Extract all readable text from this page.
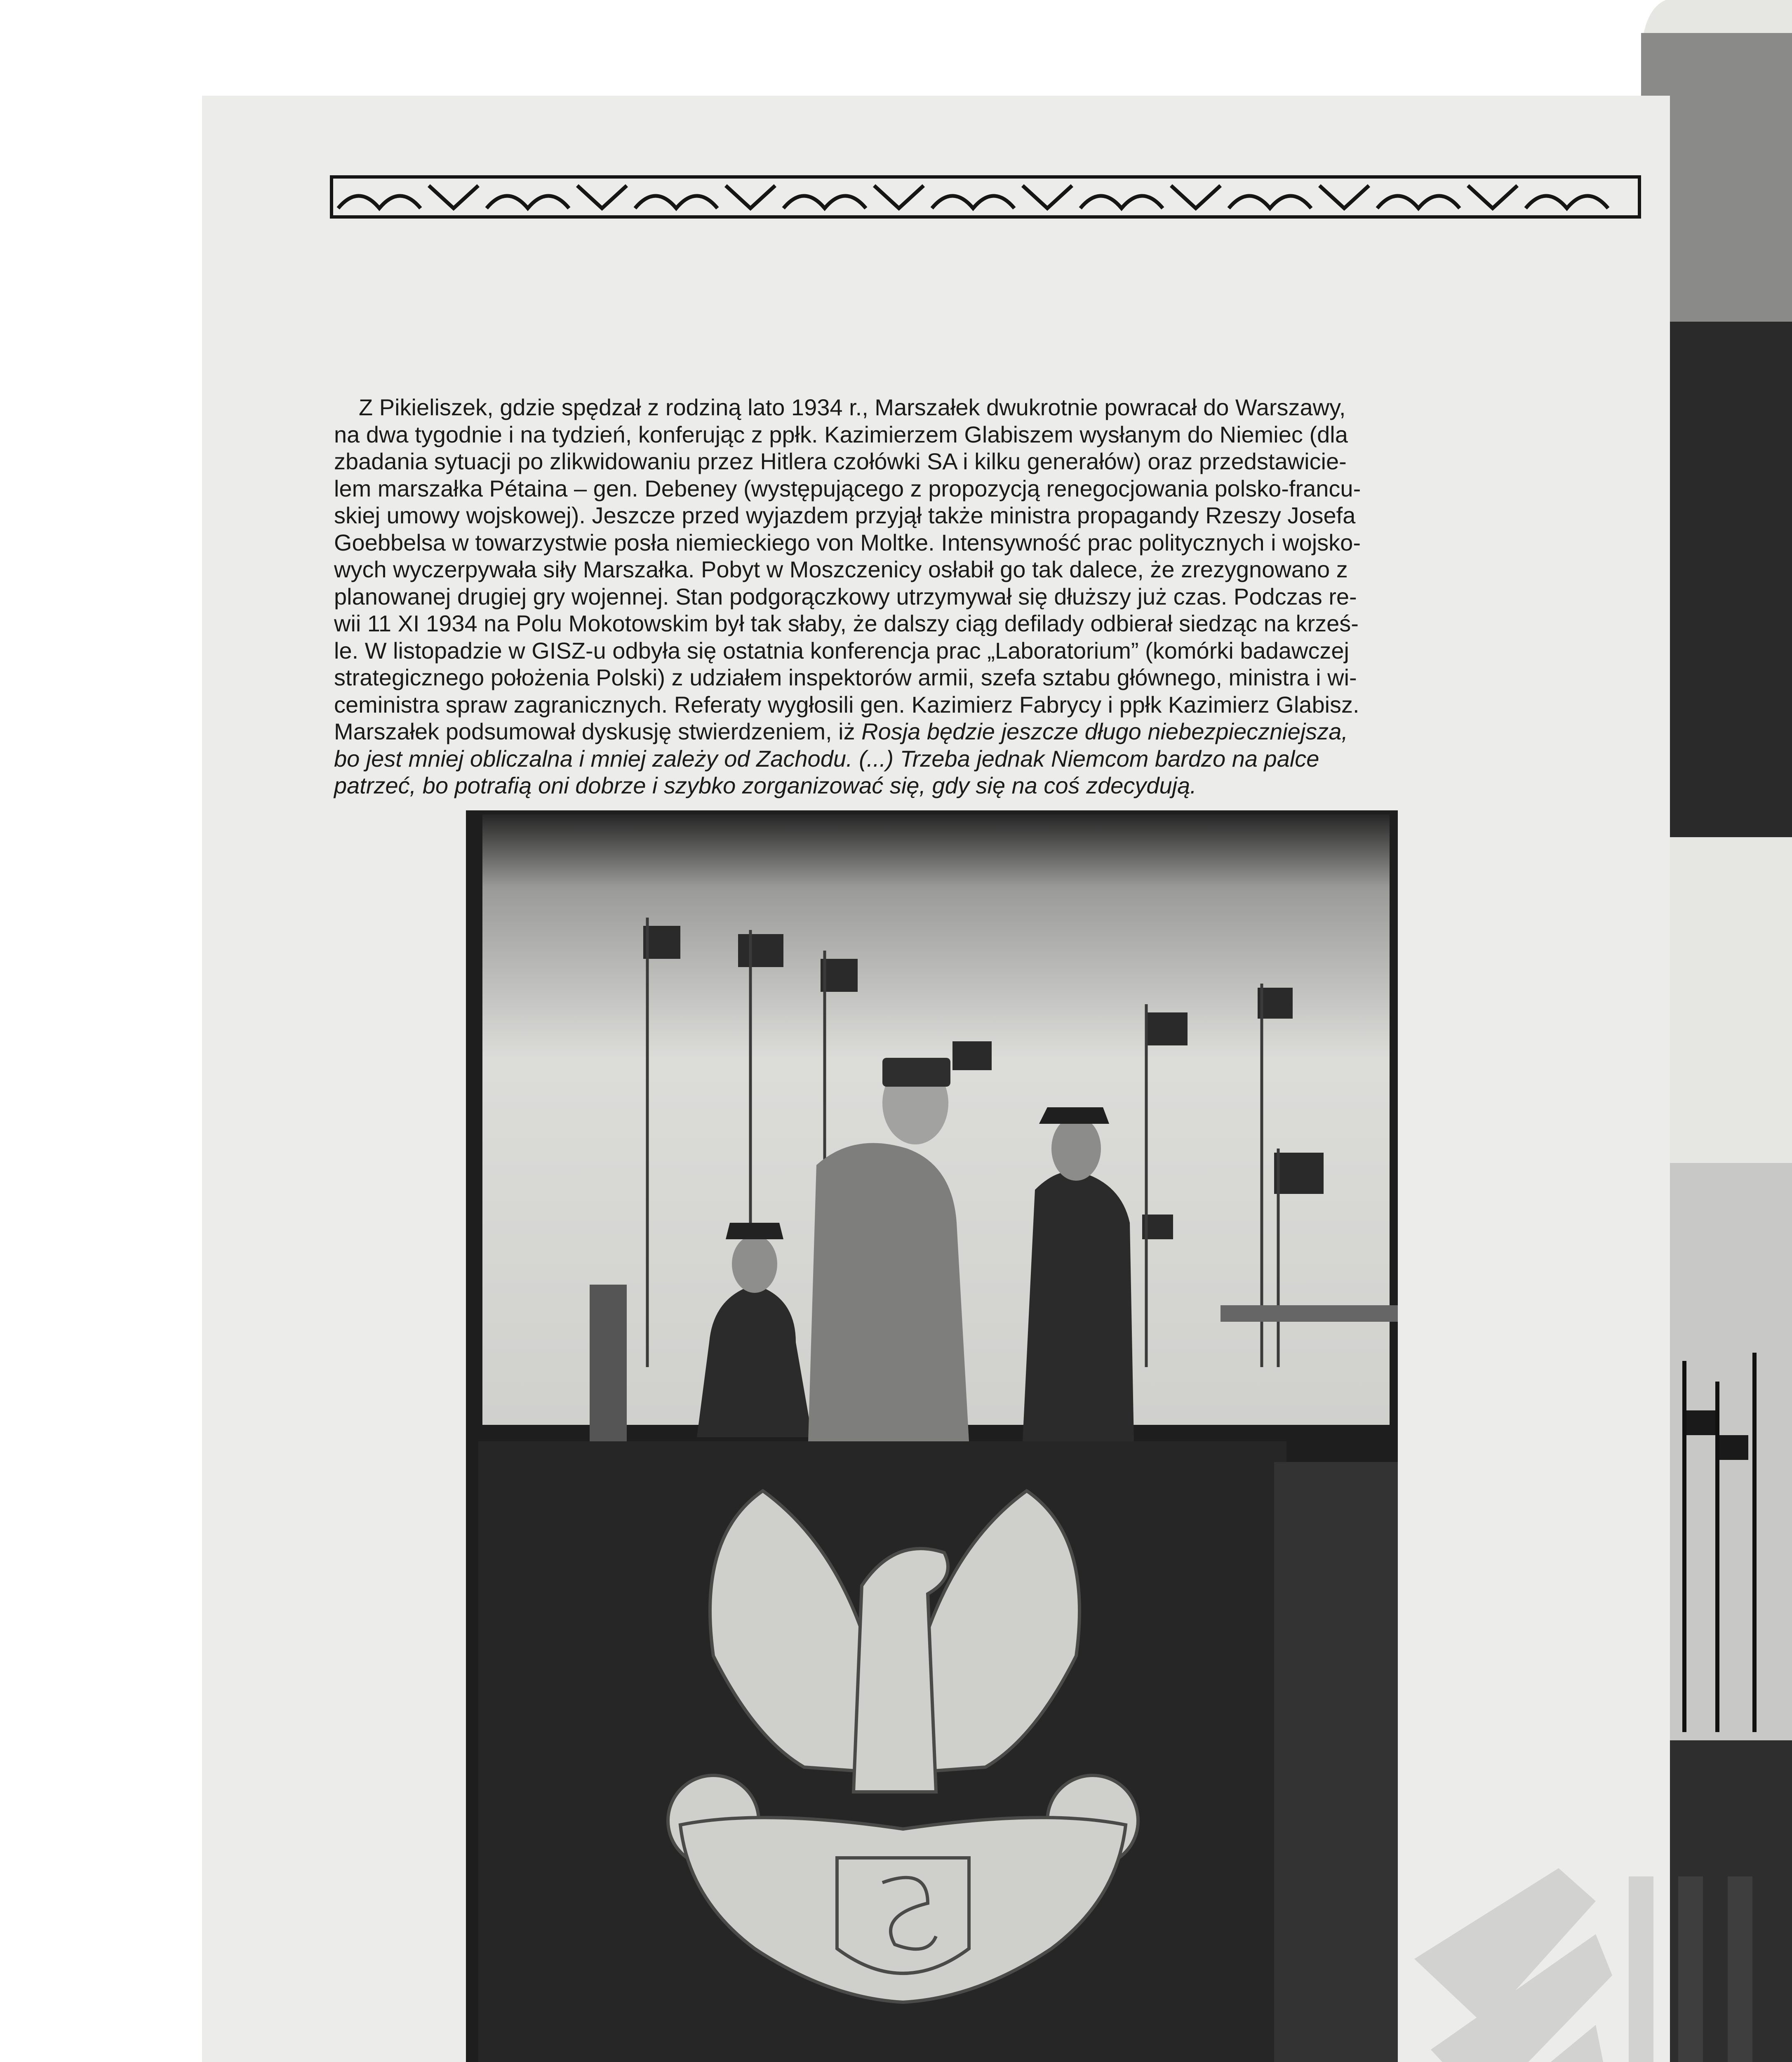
Z Pikieliszek, gdzie spędzał z rodziną lato 1934 r., Marszałek dwukrotnie powracał do Warszawy,

na dwa tygodnie i na tydzień, konferując z ppłk. Kazimierzem Glabiszem wysłanym do Niemiec (dla

zbadania sytuacji po zlikwidowaniu przez Hitlera czołówki SA i kilku generałów) oraz przedstawicie-

lem marszałka Pétaina – gen. Debeney (występującego z propozycją renegocjowania polsko-francu-

skiej umowy wojskowej). Jeszcze przed wyjazdem przyjął także ministra propagandy Rzeszy Josefa

Goebbelsa w towarzystwie posła niemieckiego von Moltke. Intensywność prac politycznych i wojsko-

wych wyczerpywała siły Marszałka. Pobyt w Moszczenicy osłabił go tak dalece, że zrezygnowano z

planowanej drugiej gry wojennej. Stan podgorączkowy utrzymywał się dłuższy już czas. Podczas re-

wii 11 XI 1934 na Polu Mokotowskim był tak słaby, że dalszy ciąg defilady odbierał siedząc na krześ-

le. W listopadzie w GISZ-u odbyła się ostatnia konferencja prac „Laboratorium” (komórki badawczej

strategicznego położenia Polski) z udziałem inspektorów armii, szefa sztabu głównego, ministra i wi-

ceministra spraw zagranicznych. Referaty wygłosili gen. Kazimierz Fabrycy i ppłk Kazimierz Glabisz.

Marszałek podsumował dyskusję stwierdzeniem, iż Rosja będzie jeszcze długo niebezpieczniejsza,

bo jest mniej obliczalna i mniej zależy od Zachodu. (...) Trzeba jednak Niemcom bardzo na palce

patrzeć, bo potrafią oni dobrze i szybko zorganizować się, gdy się na coś zdecydują.
